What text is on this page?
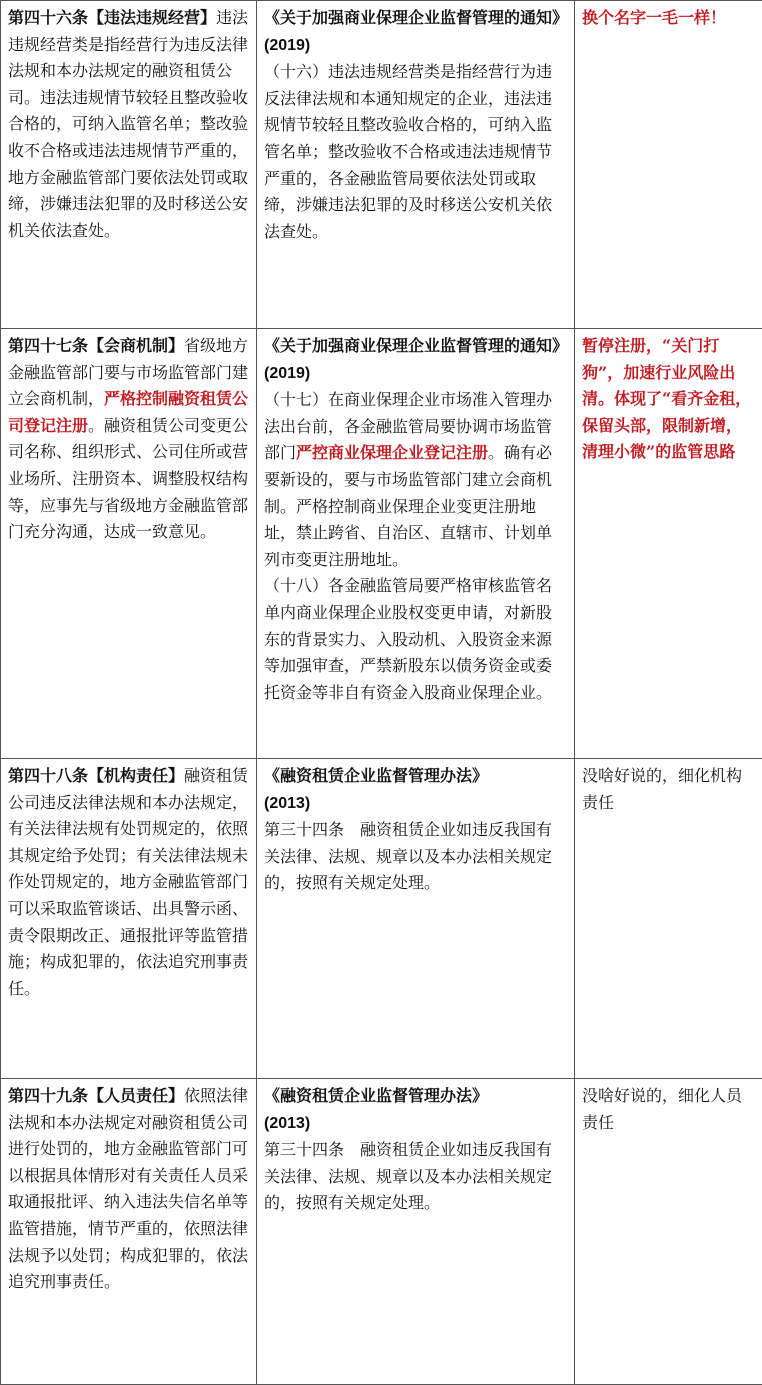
第四十六条【违法违规经营】违法违规经营类是指经营行为违反法律法规和本办法规定的融资租赁公司。违法违规情节较轻且整改验收合格的，可纳入监管名单；整改验收不合格或违法违规情节严重的，地方金融监管部门要依法处罚或取缔，涉嫌违法犯罪的及时移送公安机关依法查处。	《关于加强商业保理企业监督管理的通知》(2019)

（十六）违法违规经营类是指经营行为违反法律法规和本通知规定的企业，违法违规情节较轻且整改验收合格的，可纳入监管名单；整改验收不合格或违法违规情节严重的，各金融监管局要依法处罚或取缔，涉嫌违法犯罪的及时移送公安机关依法查处。	换个名字一毛一样！
第四十七条【会商机制】省级地方金融监管部门要与市场监管部门建立会商机制，严格控制融资租赁公司登记注册。融资租赁公司变更公司名称、组织形式、公司住所或营业场所、注册资本、调整股权结构等，应事先与省级地方金融监管部门充分沟通，达成一致意见。	《关于加强商业保理企业监督管理的通知》(2019)

（十七）在商业保理企业市场准入管理办法出台前，各金融监管局要协调市场监管部门严控商业保理企业登记注册。确有必要新设的，要与市场监管部门建立会商机制。严格控制商业保理企业变更注册地址，禁止跨省、自治区、直辖市、计划单列市变更注册地址。

（十八）各金融监管局要严格审核监管名单内商业保理企业股权变更申请，对新股东的背景实力、入股动机、入股资金来源等加强审查，严禁新股东以债务资金或委托资金等非自有资金入股商业保理企业。	暂停注册，“关门打狗”，加速行业风险出清。体现了“看齐金租，保留头部，限制新增，清理小微”的监管思路
第四十八条【机构责任】融资租赁公司违反法律法规和本办法规定，有关法律法规有处罚规定的，依照其规定给予处罚；有关法律法规未作处罚规定的，地方金融监管部门可以采取监管谈话、出具警示函、责令限期改正、通报批评等监管措施；构成犯罪的，依法追究刑事责任。	《融资租赁企业监督管理办法》
(2013)

第三十四条　融资租赁企业如违反我国有关法律、法规、规章以及本办法相关规定的，按照有关规定处理。	没啥好说的，细化机构责任
第四十九条【人员责任】依照法律法规和本办法规定对融资租赁公司进行处罚的，地方金融监管部门可以根据具体情形对有关责任人员采取通报批评、纳入违法失信名单等监管措施，情节严重的，依照法律法规予以处罚；构成犯罪的，依法追究刑事责任。	《融资租赁企业监督管理办法》
(2013)

第三十四条　融资租赁企业如违反我国有关法律、法规、规章以及本办法相关规定的，按照有关规定处理。	没啥好说的，细化人员责任
